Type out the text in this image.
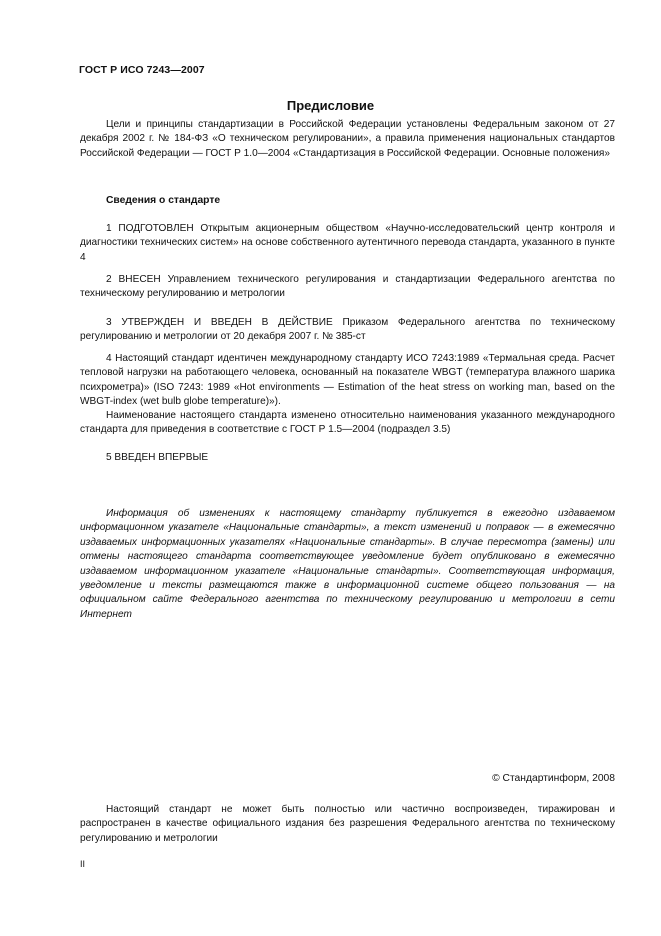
ГОСТ Р ИСО 7243—2007
Предисловие

Цели и принципы стандартизации в Российской Федерации установлены Федеральным законом от 27 декабря 2002 г. № 184-ФЗ «О техническом регулировании», а правила применения национальных стандартов Российской Федерации — ГОСТ Р 1.0—2004 «Стандартизация в Российской Федерации. Основные положения»

Сведения о стандарте

1 ПОДГОТОВЛЕН Открытым акционерным обществом «Научно-исследовательский центр контроля и диагностики технических систем» на основе собственного аутентичного перевода стандарта, указанного в пункте 4

2 ВНЕСЕН Управлением технического регулирования и стандартизации Федерального агентства по техническому регулированию и метрологии

3 УТВЕРЖДЕН И ВВЕДЕН В ДЕЙСТВИЕ Приказом Федерального агентства по техническому регулированию и метрологии от 20 декабря 2007 г. № 385-ст

4 Настоящий стандарт идентичен международному стандарту ИСО 7243:1989 «Термальная среда. Расчет тепловой нагрузки на работающего человека, основанный на показателе WBGT (температура влажного шарика психрометра)» (ISO 7243: 1989 «Hot environments — Estimation of the heat stress on working man, based on the WBGT-index (wet bulb globe temperature)»).

Наименование настоящего стандарта изменено относительно наименования указанного международного стандарта для приведения в соответствие с ГОСТ Р 1.5—2004 (подраздел 3.5)

5 ВВЕДЕН ВПЕРВЫЕ

Информация об изменениях к настоящему стандарту публикуется в ежегодно издаваемом информационном указателе «Национальные стандарты», а текст изменений и поправок — в ежемесячно издаваемых информационных указателях «Национальные стандарты». В случае пересмотра (замены) или отмены настоящего стандарта соответствующее уведомление будет опубликовано в ежемесячно издаваемом информационном указателе «Национальные стандарты». Соответствующая информация, уведомление и тексты размещаются также в информационной системе общего пользования — на официальном сайте Федерального агентства по техническому регулированию и метрологии в сети Интернет

© Стандартинформ, 2008

Настоящий стандарт не может быть полностью или частично воспроизведен, тиражирован и распространен в качестве официального издания без разрешения Федерального агентства по техническому регулированию и метрологии

II
